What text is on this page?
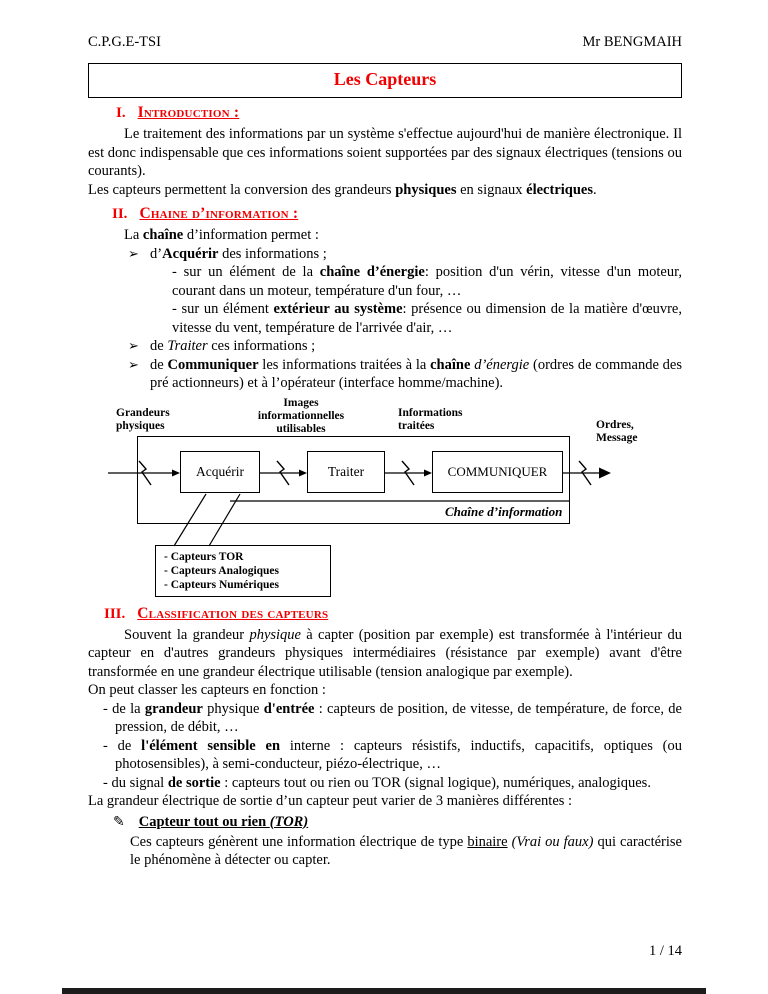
C.P.G.E-TSI	Mr BENGMAIH
Les Capteurs
I. Introduction :

Le traitement des informations par un système s'effectue aujourd'hui de manière électronique. Il est donc indispensable que ces informations soient supportées par des signaux électriques (tensions ou courants).

Les capteurs permettent la conversion des grandeurs physiques en signaux électriques.

II. Chaine d’information :

La chaîne d’information permet :

➢ d’Acquérir des informations ;

- sur un élément de la chaîne d’énergie: position d'un vérin, vitesse d'un moteur, courant dans un moteur, température d'un four, …

- sur un élément extérieur au système: présence ou dimension de la matière d'œuvre, vitesse du vent, température de l'arrivée d'air, …

➢ de Traiter ces informations ;

➢ de Communiquer les informations traitées à la chaîne d’énergie (ordres de commande des pré actionneurs) et à l’opérateur (interface homme/machine).

Grandeurs
physiques
Images
informationnelles
utilisables
Informations
traitées	Ordres,
Message
Acquérir	Traiter	COMMUNIQUER
Chaîne d’information
- Capteurs TOR
- Capteurs Analogiques
- Capteurs Numériques
III. Classification des capteurs

Souvent la grandeur physique à capter (position par exemple) est transformée à l'intérieur du capteur en d'autres grandeurs physiques intermédiaires (résistance par exemple) avant d'être transformée en une grandeur électrique utilisable (tension analogique par exemple).

On peut classer les capteurs en fonction :

- de la grandeur physique d'entrée : capteurs de position, de vitesse, de température, de force, de pression, de débit, …

- de l'élément sensible en interne : capteurs résistifs, inductifs, capacitifs, optiques (ou photosensibles), à semi-conducteur, piézo-électrique, …

- du signal de sortie : capteurs tout ou rien ou TOR (signal logique), numériques, analogiques.

La grandeur électrique de sortie d’un capteur peut varier de 3 manières différentes :

✎ Capteur tout ou rien (TOR)

Ces capteurs génèrent une information électrique de type binaire (Vrai ou faux) qui caractérise le phénomène à détecter ou capter.

1 / 14
